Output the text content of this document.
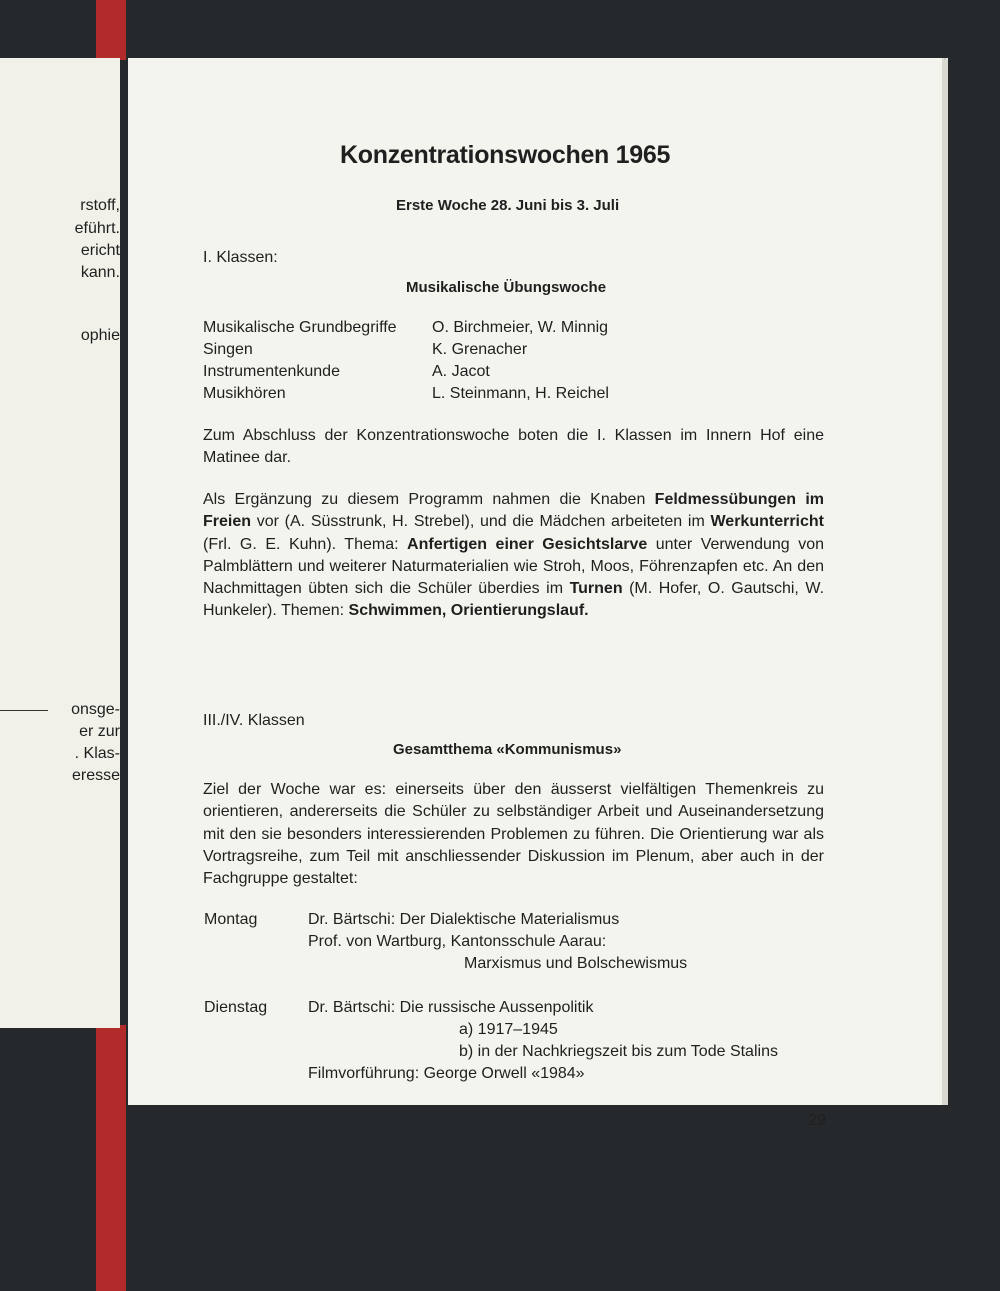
rstoff,
eführt.
ericht
kann.
ophie
onsge-
er zur
. Klas-
eresse
Konzentrationswochen 1965
Erste Woche 28. Juni bis 3. Juli
I. Klassen:
Musikalische Übungswoche
Musikalische Grundbegriffe O. Birchmeier, W. Minnig
Singen	K. Grenacher
Instrumentenkunde	A. Jacot
Musikhören	L. Steinmann, H. Reichel
Zum Abschluss der Konzentrationswoche boten die I. Klassen im Innern Hof eine Matinee dar.
Als Ergänzung zu diesem Programm nahmen die Knaben Feldmessübungen im Freien vor (A. Süsstrunk, H. Strebel), und die Mädchen arbeiteten im Werkunterricht (Frl. G. E. Kuhn). Thema: Anfertigen einer Gesichtslarve unter Verwendung von Palmblättern und weiterer Naturmaterialien wie Stroh, Moos, Föhrenzapfen etc. An den Nachmittagen übten sich die Schüler überdies im Turnen (M. Hofer, O. Gautschi, W. Hunkeler). Themen: Schwimmen, Orientierungslauf.
III./IV. Klassen
Gesamtthema «Kommunismus»
Ziel der Woche war es: einerseits über den äusserst vielfältigen Themenkreis zu orientieren, andererseits die Schüler zu selbständiger Arbeit und Auseinandersetzung mit den sie besonders interessierenden Problemen zu führen. Die Orientierung war als Vortragsreihe, zum Teil mit anschliessender Diskussion im Plenum, aber auch in der Fachgruppe gestaltet:
Montag	Dr. Bärtschi: Der Dialektische Materialismus
Prof. von Wartburg, Kantonsschule Aarau:
Marxismus und Bolschewismus
Dienstag	Dr. Bärtschi: Die russische Aussenpolitik
a) 1917–1945
b) in der Nachkriegszeit bis zum Tode Stalins
Filmvorführung: George Orwell «1984»
29
